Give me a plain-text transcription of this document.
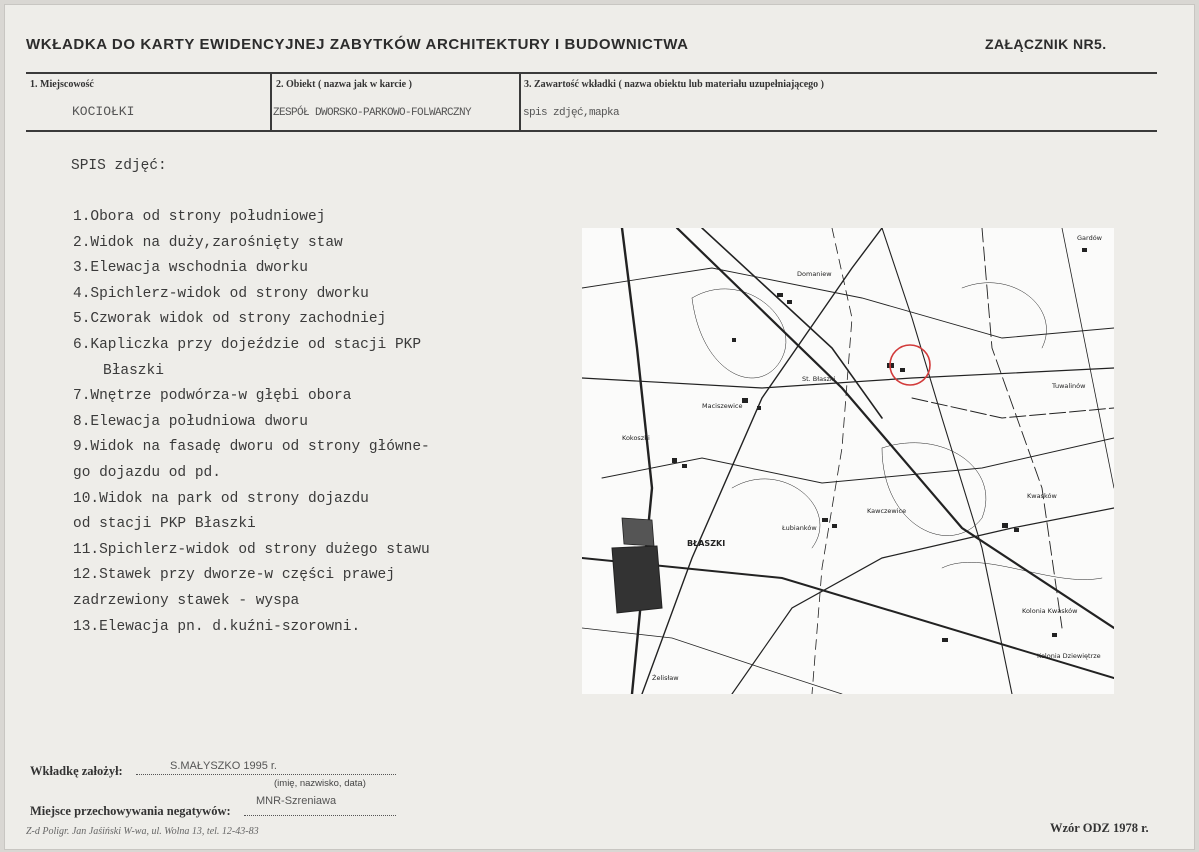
WKŁADKA DO KARTY EWIDENCYJNEJ ZABYTKÓW ARCHITEKTURY I BUDOWNICTWA	ZAŁĄCZNIK NR5.
1. Miejscowość
KOCIOŁKI
2. Obiekt ( nazwa jak w karcie )
ZESPÓŁ DWORSKO-PARKOWO-FOLWARCZNY
3. Zawartość wkładki ( nazwa obiektu lub materiału uzupełniającego )
spis zdjęć,mapka
SPIS zdjęć:
1.Obora od strony południowej
2.Widok na duży,zarośnięty staw
3.Elewacja wschodnia dworku
4.Spichlerz-widok od strony dworku
5.Czworak widok od strony zachodniej
6.Kapliczka przy dojeździe od stacji PKP
Błaszki
7.Wnętrze podwórza-w głębi obora
8.Elewacja południowa dworu
9.Widok na fasadę dworu od strony główne-
go dojazdu od pd.
10.Widok na park od strony dojazdu
od stacji PKP Błaszki
11.Spichlerz-widok od strony dużego stawu
12.Stawek przy dworze-w części prawej
zadrzewiony stawek - wyspa
13.Elewacja pn. d.kuźni-szorowni.
Domaniew
Maciszewice
Kokoszki
BŁASZKI
Łubianków
Kwasków
Tuwalinów
Żelisław
Gardów
St. Błaszki
Kawczewice
Kolonia Kwasków
Kolonia Dziewiętrze
Wkładkę założył:	S.MAŁYSZKO 1995 r.
(imię, nazwisko, data)
Miejsce przechowywania negatywów:
MNR-Szreniawa
Z-d Poligr. Jan Jaśiński W-wa, ul. Wolna 13, tel. 12-43-83	Wzór ODZ 1978 r.
